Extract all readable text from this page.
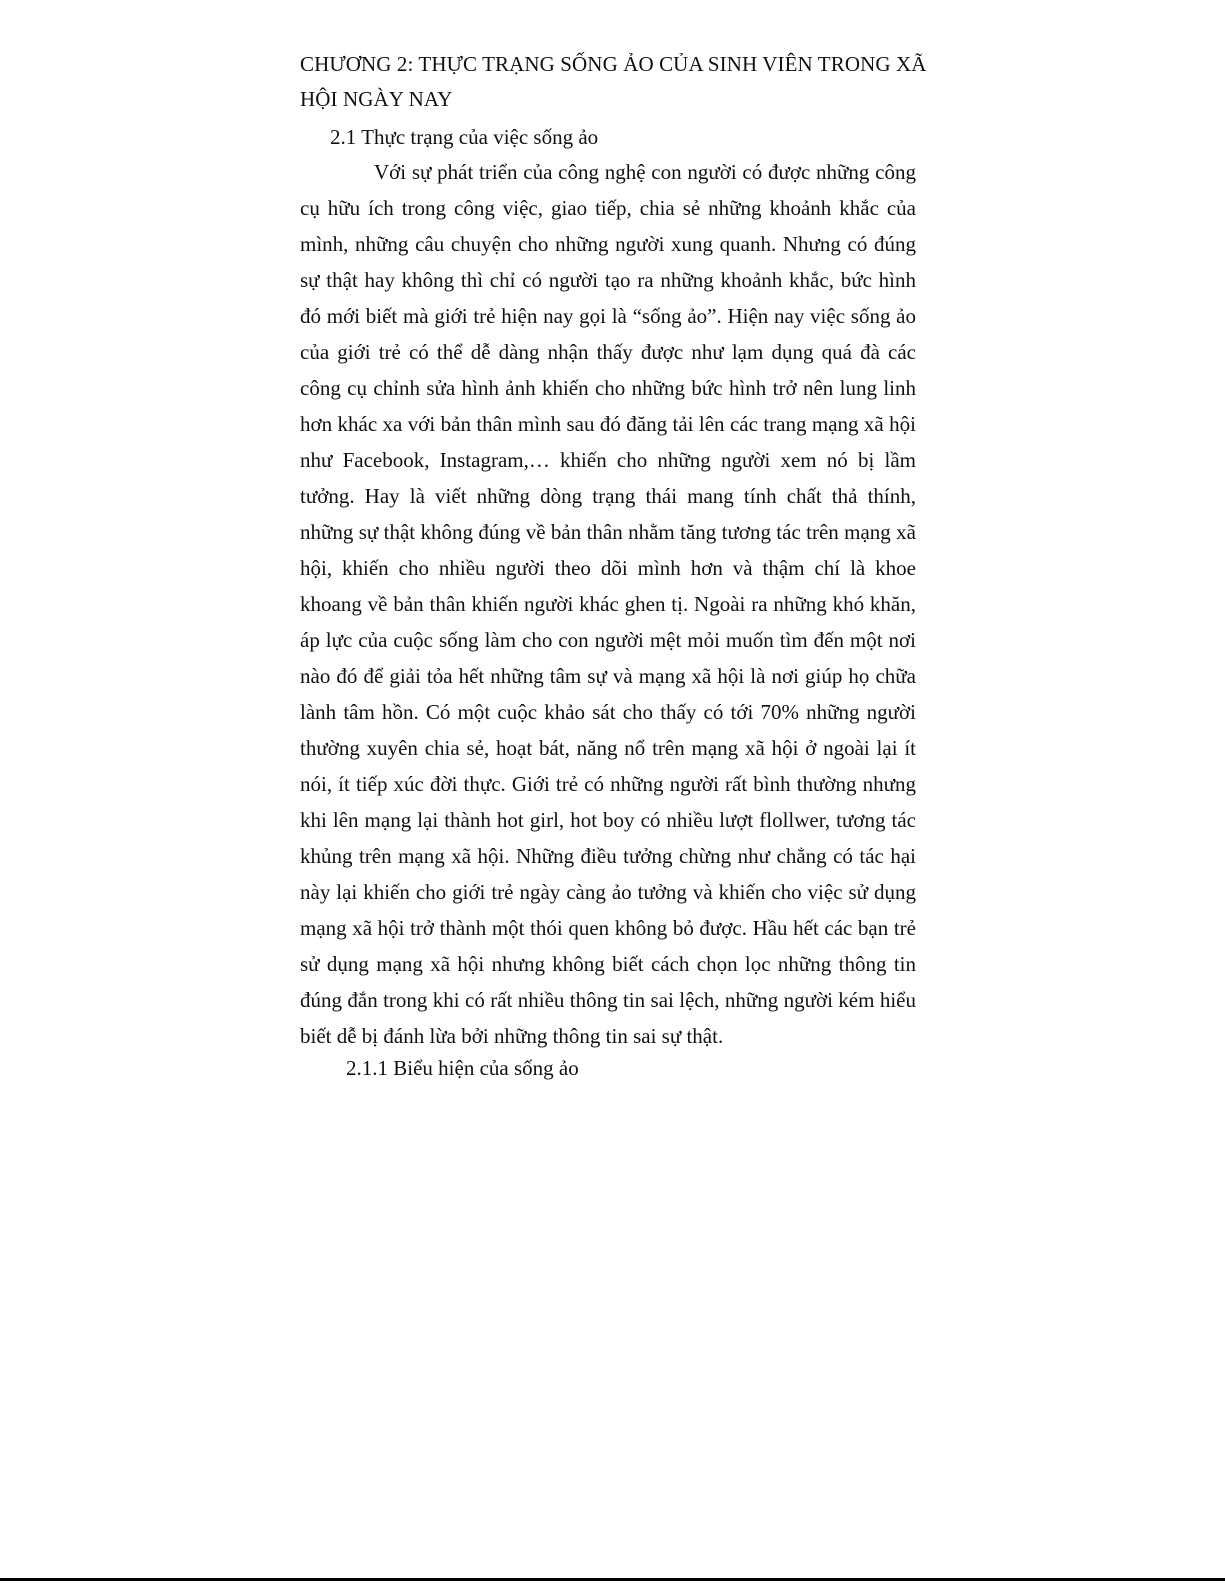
CHƯƠNG 2: THỰC TRẠNG SỐNG ẢO CỦA SINH VIÊN TRONG XÃ HỘI NGÀY NAY
2.1 Thực trạng của việc sống ảo

Với sự phát triển của công nghệ con người có được những công cụ hữu ích trong công việc, giao tiếp, chia sẻ những khoảnh khắc của mình, những câu chuyện cho những người xung quanh. Nhưng có đúng sự thật hay không thì chỉ có người tạo ra những khoảnh khắc, bức hình đó mới biết mà giới trẻ hiện nay gọi là “sống ảo”. Hiện nay việc sống ảo của giới trẻ có thể dễ dàng nhận thấy được như lạm dụng quá đà các công cụ chỉnh sửa hình ảnh khiến cho những bức hình trở nên lung linh hơn khác xa với bản thân mình sau đó đăng tải lên các trang mạng xã hội như Facebook, Instagram,… khiến cho những người xem nó bị lầm tưởng. Hay là viết những dòng trạng thái mang tính chất thả thính, những sự thật không đúng về bản thân nhằm tăng tương tác trên mạng xã hội, khiến cho nhiều người theo dõi mình hơn và thậm chí là khoe khoang về bản thân khiến người khác ghen tị. Ngoài ra những khó khăn, áp lực của cuộc sống làm cho con người mệt mỏi muốn tìm đến một nơi nào đó để giải tỏa hết những tâm sự và mạng xã hội là nơi giúp họ chữa lành tâm hồn. Có một cuộc khảo sát cho thấy có tới 70% những người thường xuyên chia sẻ, hoạt bát, năng nổ trên mạng xã hội ở ngoài lại ít nói, ít tiếp xúc đời thực. Giới trẻ có những người rất bình thường nhưng khi lên mạng lại thành hot girl, hot boy có nhiều lượt flollwer, tương tác khủng trên mạng xã hội. Những điều tưởng chừng như chẳng có tác hại này lại khiến cho giới trẻ ngày càng ảo tưởng và khiến cho việc sử dụng mạng xã hội trở thành một thói quen không bỏ được. Hầu hết các bạn trẻ sử dụng mạng xã hội nhưng không biết cách chọn lọc những thông tin đúng đắn trong khi có rất nhiều thông tin sai lệch, những người kém hiểu biết dễ bị đánh lừa bởi những thông tin sai sự thật.

2.1.1 Biểu hiện của sống ảo
